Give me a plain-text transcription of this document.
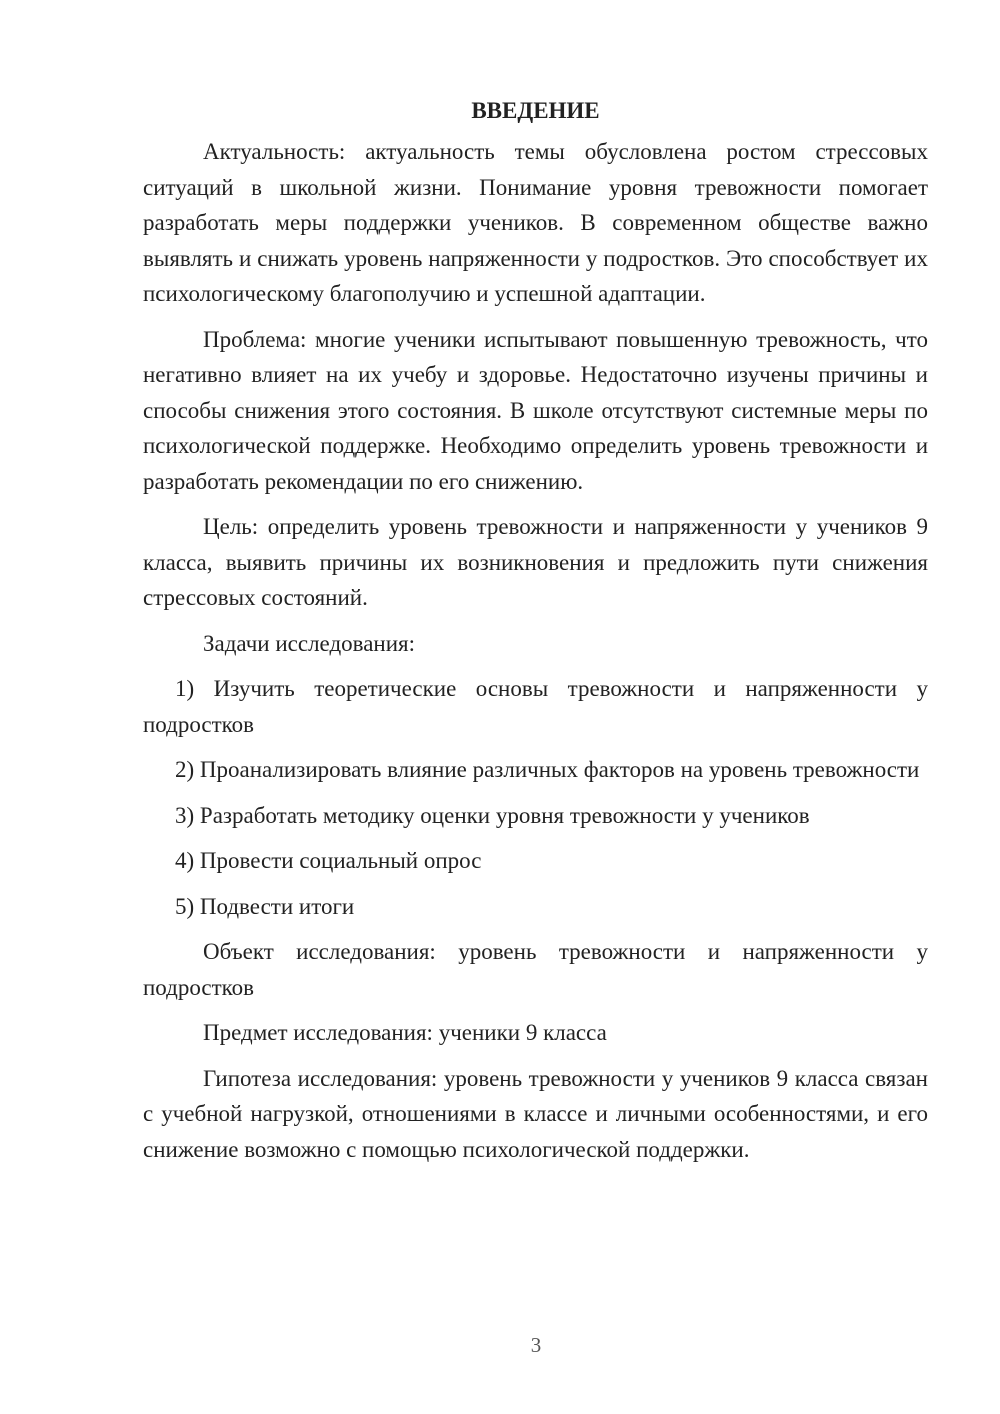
ВВЕДЕНИЕ

Актуальность: актуальность темы обусловлена ростом стрессовых ситуаций в школьной жизни. Понимание уровня тревожности помогает разработать меры поддержки учеников. В современном обществе важно выявлять и снижать уровень напряженности у подростков. Это способствует их психологическому благополучию и успешной адаптации.

Проблема: многие ученики испытывают повышенную тревожность, что негативно влияет на их учебу и здоровье. Недостаточно изучены причины и способы снижения этого состояния. В школе отсутствуют системные меры по психологической поддержке. Необходимо определить уровень тревожности и разработать рекомендации по его снижению.

Цель: определить уровень тревожности и напряженности у учеников 9 класса, выявить причины их возникновения и предложить пути снижения стрессовых состояний.

Задачи исследования:

1) Изучить теоретические основы тревожности и напряженности у подростков

2) Проанализировать влияние различных факторов на уровень тревожности

3) Разработать методику оценки уровня тревожности у учеников

4) Провести социальный опрос

5) Подвести итоги

Объект исследования: уровень тревожности и напряженности у подростков

Предмет исследования: ученики 9 класса

Гипотеза исследования: уровень тревожности у учеников 9 класса связан с учебной нагрузкой, отношениями в классе и личными особенностями, и его снижение возможно с помощью психологической поддержки.

3
